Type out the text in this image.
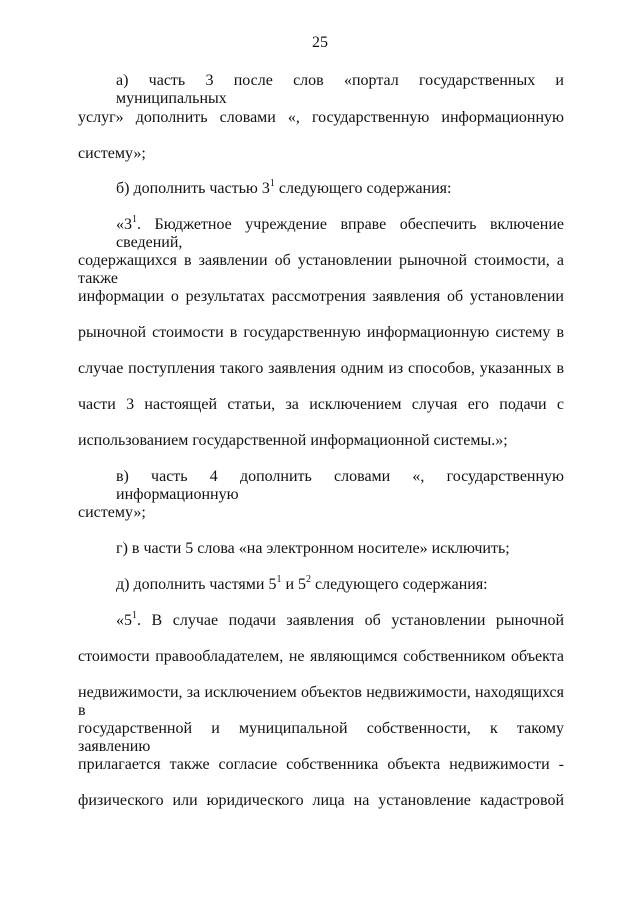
25
а) часть 3 после слов «портал государственных и муниципальных
услуг» дополнить словами «, государственную информационную
систему»;
б) дополнить частью $3^1$ следующего содержания:
«$3^1$. Бюджетное учреждение вправе обеспечить включение сведений,
содержащихся в заявлении об установлении рыночной стоимости, а также
информации о результатах рассмотрения заявления об установлении
рыночной стоимости в государственную информационную систему в
случае поступления такого заявления одним из способов, указанных в
части 3 настоящей статьи, за исключением случая его подачи с
использованием государственной информационной системы.»;
в) часть 4 дополнить словами «, государственную информационную
систему»;
г) в части 5 слова «на электронном носителе» исключить;
д) дополнить частями $5^1$ и $5^2$ следующего содержания:
«$5^1$. В случае подачи заявления об установлении рыночной
стоимости правообладателем, не являющимся собственником объекта
недвижимости, за исключением объектов недвижимости, находящихся в
государственной и муниципальной собственности, к такому заявлению
прилагается также согласие собственника объекта недвижимости -
физического или юридического лица на установление кадастровой
